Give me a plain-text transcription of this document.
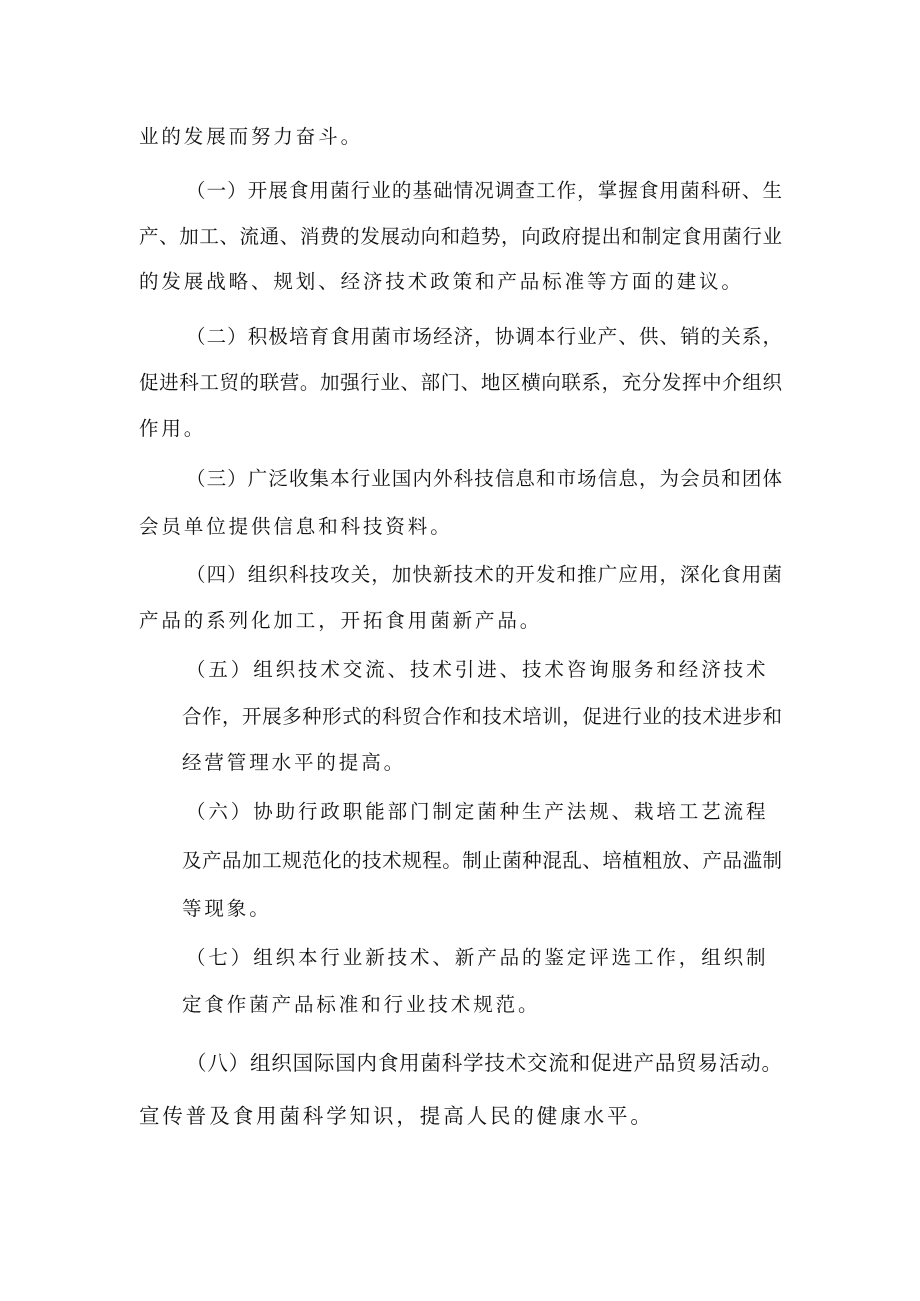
业的发展而努力奋斗。
（一）开展食用菌行业的基础情况调查工作，掌握食用菌科研、生
产、加工、流通、消费的发展动向和趋势，向政府提出和制定食用菌行业
的发展战略、规划、经济技术政策和产品标准等方面的建议。
（二）积极培育食用菌市场经济，协调本行业产、供、销的关系，
促进科工贸的联营。加强行业、部门、地区横向联系，充分发挥中介组织
作用。
（三）广泛收集本行业国内外科技信息和市场信息，为会员和团体
会员单位提供信息和科技资料。
（四）组织科技攻关，加快新技术的开发和推广应用，深化食用菌
产品的系列化加工，开拓食用菌新产品。
（五）组织技术交流、技术引进、技术咨询服务和经济技术
合作，开展多种形式的科贸合作和技术培训，促进行业的技术进步和
经营管理水平的提高。
（六）协助行政职能部门制定菌种生产法规、栽培工艺流程
及产品加工规范化的技术规程。制止菌种混乱、培植粗放、产品滥制
等现象。
（七）组织本行业新技术、新产品的鉴定评选工作，组织制
定食作菌产品标准和行业技术规范。
（八）组织国际国内食用菌科学技术交流和促进产品贸易活动。
宣传普及食用菌科学知识，提高人民的健康水平。
